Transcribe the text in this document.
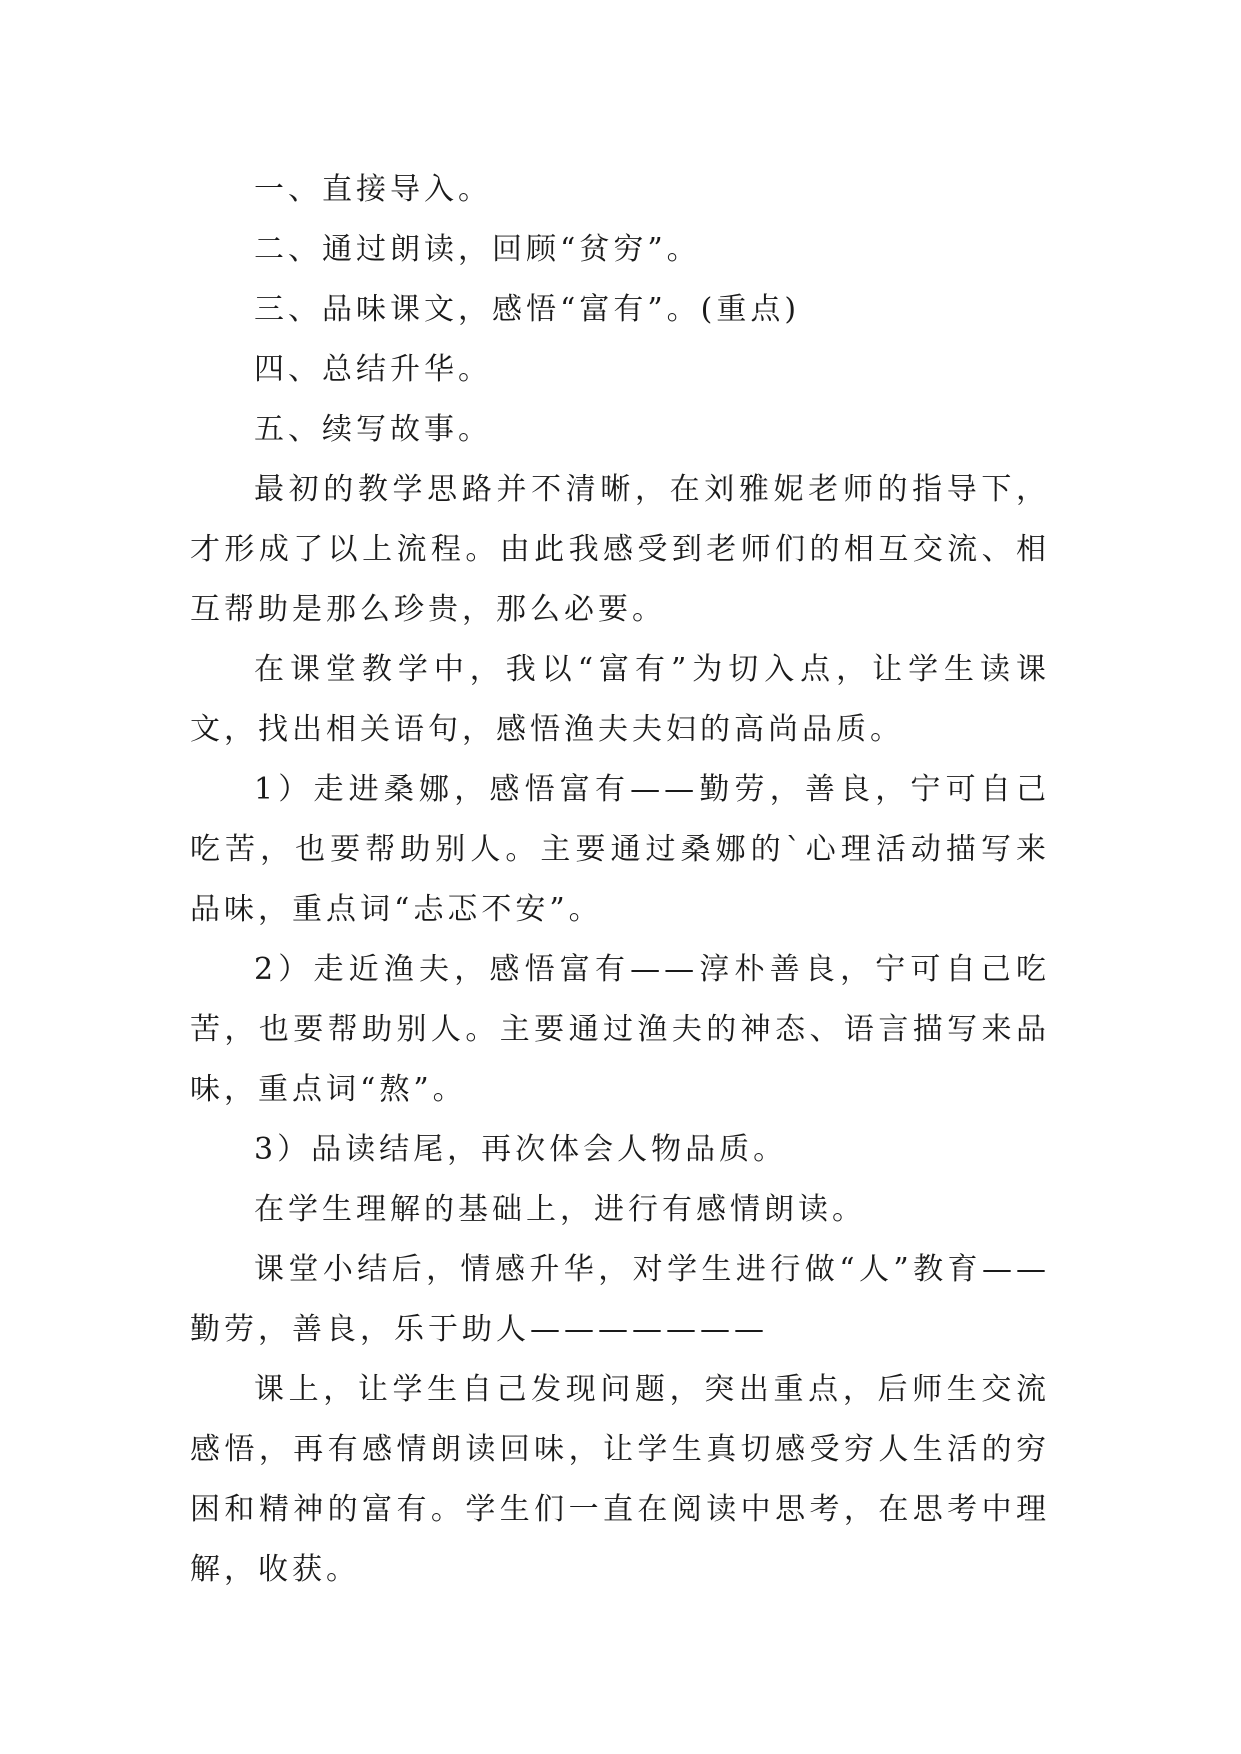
一、直接导入。

二、通过朗读，回顾“贫穷”。

三、品味课文，感悟“富有”。(重点)

四、总结升华。

五、续写故事。

最初的教学思路并不清晰，在刘雅妮老师的指导下，才形成了以上流程。由此我感受到老师们的相互交流、相互帮助是那么珍贵，那么必要。

在课堂教学中，我以“富有”为切入点，让学生读课文，找出相关语句，感悟渔夫夫妇的高尚品质。

1）走进桑娜，感悟富有——勤劳，善良，宁可自己吃苦，也要帮助别人。主要通过桑娜的`心理活动描写来品味，重点词“忐忑不安”。

2）走近渔夫，感悟富有——淳朴善良，宁可自己吃苦，也要帮助别人。主要通过渔夫的神态、语言描写来品味，重点词“熬”。

3）品读结尾，再次体会人物品质。

在学生理解的基础上，进行有感情朗读。

课堂小结后，情感升华，对学生进行做“人”教育——勤劳，善良，乐于助人———————

课上，让学生自己发现问题，突出重点，后师生交流感悟，再有感情朗读回味，让学生真切感受穷人生活的穷困和精神的富有。学生们一直在阅读中思考，在思考中理解，收获。
